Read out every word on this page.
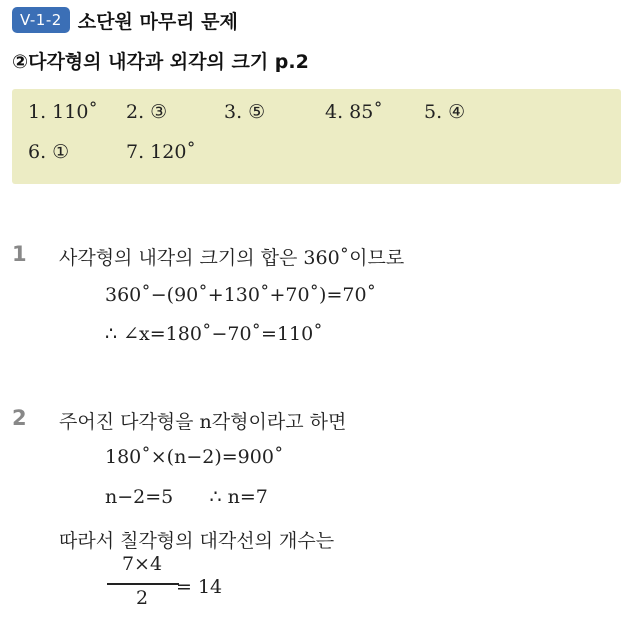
V-1-2 소단원 마무리 문제
②다각형의 내각과 외각의 크기 p.2
1. 110˚ 2. ③	3. ⑤	4. 85˚ 5. ④
6. ①	7. 120˚
1 사각형의 내각의 크기의 합은 360˚이므로
360˚−(90˚+130˚+70˚)=70˚
∴ ∠x=180˚−70˚=110˚
2 주어진 다각형을 n각형이라고 하면
180˚×(n−2)=900˚
n−2=5      ∴ n=7
따라서 칠각형의 대각선의 개수는
7×4
2	= 14
